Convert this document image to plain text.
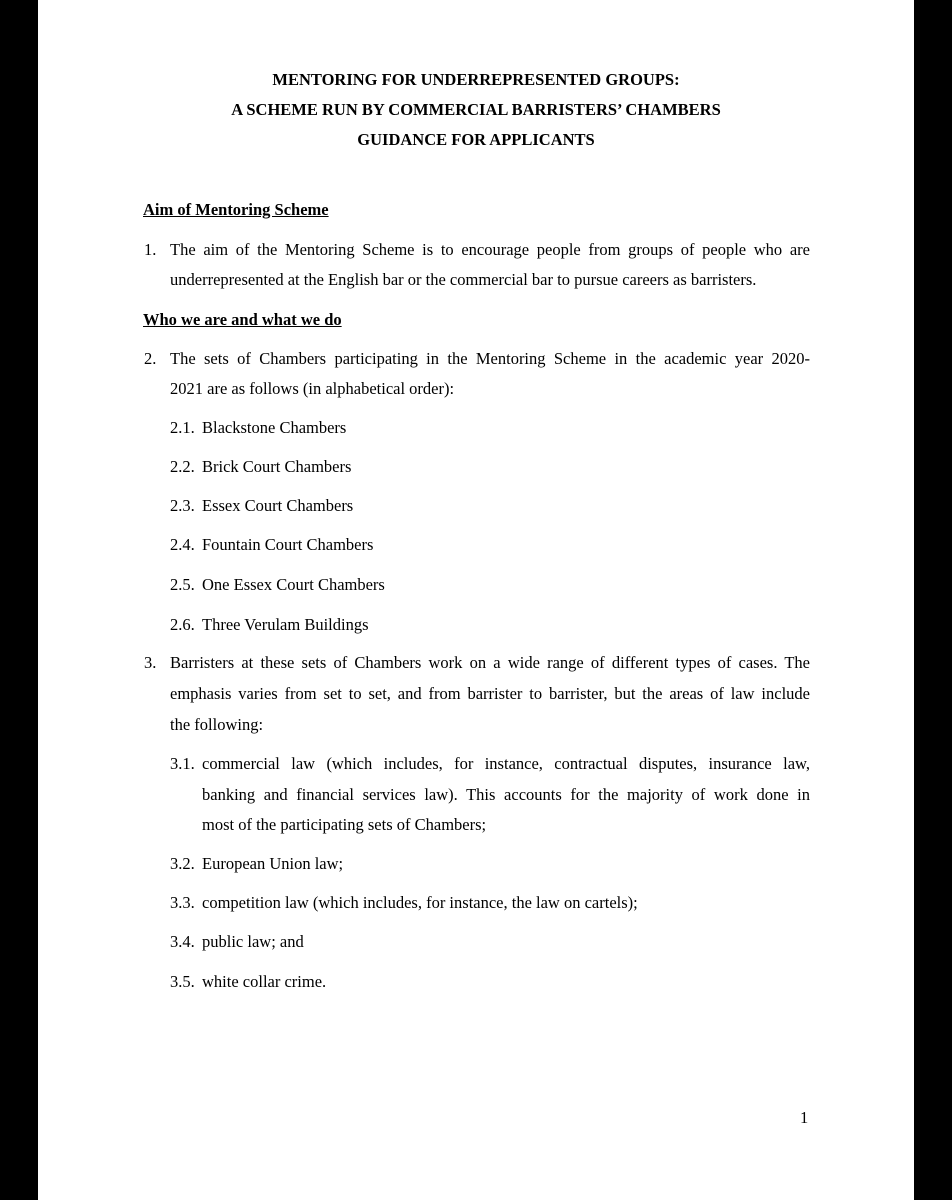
MENTORING FOR UNDERREPRESENTED GROUPS:
A SCHEME RUN BY COMMERCIAL BARRISTERS’ CHAMBERS
GUIDANCE FOR APPLICANTS
Aim of Mentoring Scheme
1. The aim of the Mentoring Scheme is to encourage people from groups of people who are
underrepresented at the English bar or the commercial bar to pursue careers as barristers.
Who we are and what we do
2. The sets of Chambers participating in the Mentoring Scheme in the academic year 2020-
2021 are as follows (in alphabetical order):
2.1. Blackstone Chambers
2.2. Brick Court Chambers
2.3. Essex Court Chambers
2.4. Fountain Court Chambers
2.5. One Essex Court Chambers
2.6. Three Verulam Buildings
3. Barristers at these sets of Chambers work on a wide range of different types of cases. The
emphasis varies from set to set, and from barrister to barrister, but the areas of law include
the following:
3.1. commercial law (which includes, for instance, contractual disputes, insurance law,
banking and financial services law). This accounts for the majority of work done in
most of the participating sets of Chambers;
3.2. European Union law;
3.3. competition law (which includes, for instance, the law on cartels);
3.4. public law; and
3.5. white collar crime.
1
